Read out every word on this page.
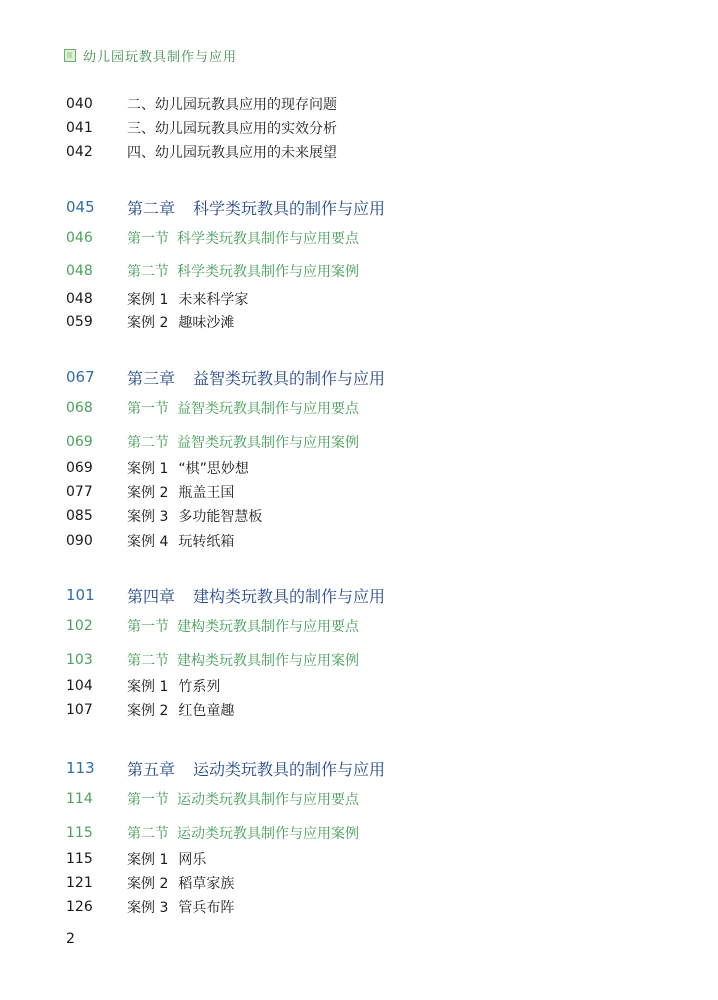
幼儿园玩教具制作与应用
040 二、幼儿园玩教具应用的现存问题
041 三、幼儿园玩教具应用的实效分析
042 四、幼儿园玩教具应用的未来展望
045 第二章 科学类玩教具的制作与应用
046 第一节 科学类玩教具制作与应用要点
048 第二节 科学类玩教具制作与应用案例
048 案例 1 未来科学家
059 案例 2 趣味沙滩
067 第三章 益智类玩教具的制作与应用
068 第一节 益智类玩教具制作与应用要点
069 第二节 益智类玩教具制作与应用案例
069 案例 1 “棋”思妙想
077 案例 2 瓶盖王国
085 案例 3 多功能智慧板
090 案例 4 玩转纸箱
101 第四章 建构类玩教具的制作与应用
102 第一节 建构类玩教具制作与应用要点
103 第二节 建构类玩教具制作与应用案例
104 案例 1 竹系列
107 案例 2 红色童趣
113 第五章 运动类玩教具的制作与应用
114 第一节 运动类玩教具制作与应用要点
115 第二节 运动类玩教具制作与应用案例
115 案例 1 网乐
121 案例 2 稻草家族
126 案例 3 管兵布阵
2
